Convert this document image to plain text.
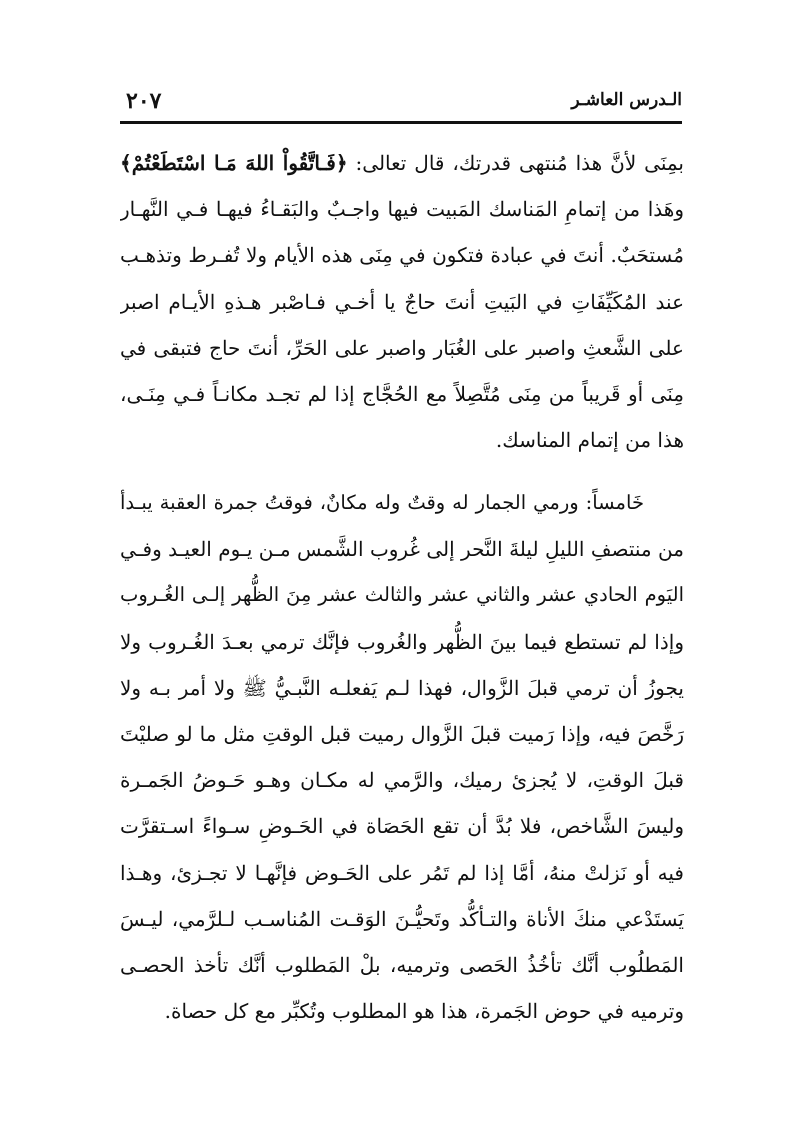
الـدرس العاشـر
٢٠٧
بمِنَى لأنَّ هذا مُنتهى قدرتك، قال تعالى: ﴿فَـاتَّقُواْ اللهَ مَـا اسْتَطَعْتُمْ﴾
وهَذا من إتمامِ المَناسك المَبيت فيها واجـبٌ والبَقـاءُ فيهـا فـي النَّهـار
مُستحَبٌ. أنتَ في عبادة فتكون في مِنَى هذه الأيام ولا تُفـرط وتذهـب
عند المُكَيِّفَاتِ في البَيتِ أنتَ حاجٌ يا أخـي فـاصْبر هـذهِ الأيـام اصبر
على الشَّعثِ واصبر على الغُبَار واصبر على الحَرِّ، أنتَ حاج فتبقى في
مِنَى أو قَريباً من مِنَى مُتَّصِلاً مع الحُجَّاج إذا لم تجـد مكانـاً فـي مِنَـى،
هذا من إتمام المناسك.
خَامساً: ورمي الجمار له وقتٌ وله مكانٌ، فوقتُ جمرة العقبة يبـدأ
من منتصفِ الليلِ ليلةَ النَّحر إلى غُروب الشَّمس مـن يـوم العيـد وفـي
اليَوم الحادي عشر والثاني عشر والثالث عشر مِنَ الظُّهر إلـى الغُـروب
وإذا لم تستطع فيما بينَ الظُّهر والغُروب فإنَّك ترمي بعـدَ الغُـروب ولا
يجوزُ أن ترمي قبلَ الزَّوال، فهذا لـم يَفعلـه النَّبـيُّ ﷺ ولا أمر بـه ولا
رَخَّصَ فيه، وإذا رَميت قبلَ الزَّوال رميت قبل الوقتِ مثل ما لو صليْتَ
قبلَ الوقتِ، لا يُجزئ رميك، والرَّمي له مكـان وهـو حَـوضُ الجَمـرة
وليسَ الشَّاخص، فلا بُدَّ أن تقع الحَصَاة في الحَـوضِ سـواءً اسـتقرَّت
فيه أو نَزلتْ منهُ، أمَّا إذا لم تَمُر على الحَـوض فإنَّهـا لا تجـزئ، وهـذا
يَستَدْعي منكَ الأناة والتـأكُّد وتَحيُّـنَ الوَقـت المُناسـب لـلرَّمي، ليـسَ
المَطلُوب أنَّك تأخُذُ الحَصى وترميه، بلْ المَطلوب أنَّك تأخذ الحصـى
وترميه في حوض الجَمرة، هذا هو المطلوب وتُكبِّر مع كل حصاة.
